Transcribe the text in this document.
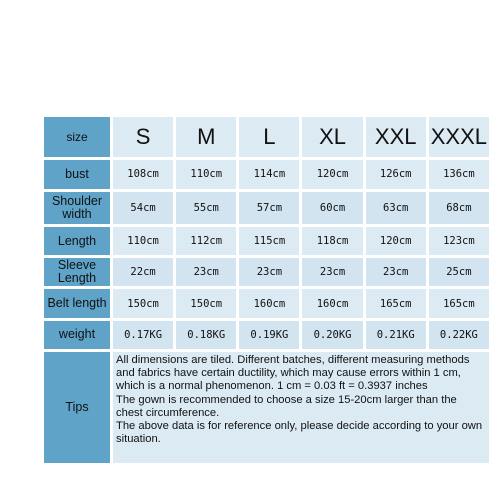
size	S	M	L	XL	XXL	XXXL
bust	108cm	110cm	114cm	120cm	126cm	136cm
Shoulder width	54cm	55cm	57cm	60cm	63cm	68cm
Length	110cm	112cm	115cm	118cm	120cm	123cm
Sleeve Length	22cm	23cm	23cm	23cm	23cm	25cm
Belt length	150cm	150cm	160cm	160cm	165cm	165cm
weight	0.17KG	0.18KG	0.19KG	0.20KG	0.21KG	0.22KG
Tips	All dimensions are tiled. Different batches, different measuring methods and fabrics have certain ductility, which may cause errors within 1 cm, which is a normal phenomenon. 1 cm = 0.03 ft = 0.3937 inches
The gown is recommended to choose a size 15-20cm larger than the chest circumference.
The above data is for reference only, please decide according to your own situation.					
